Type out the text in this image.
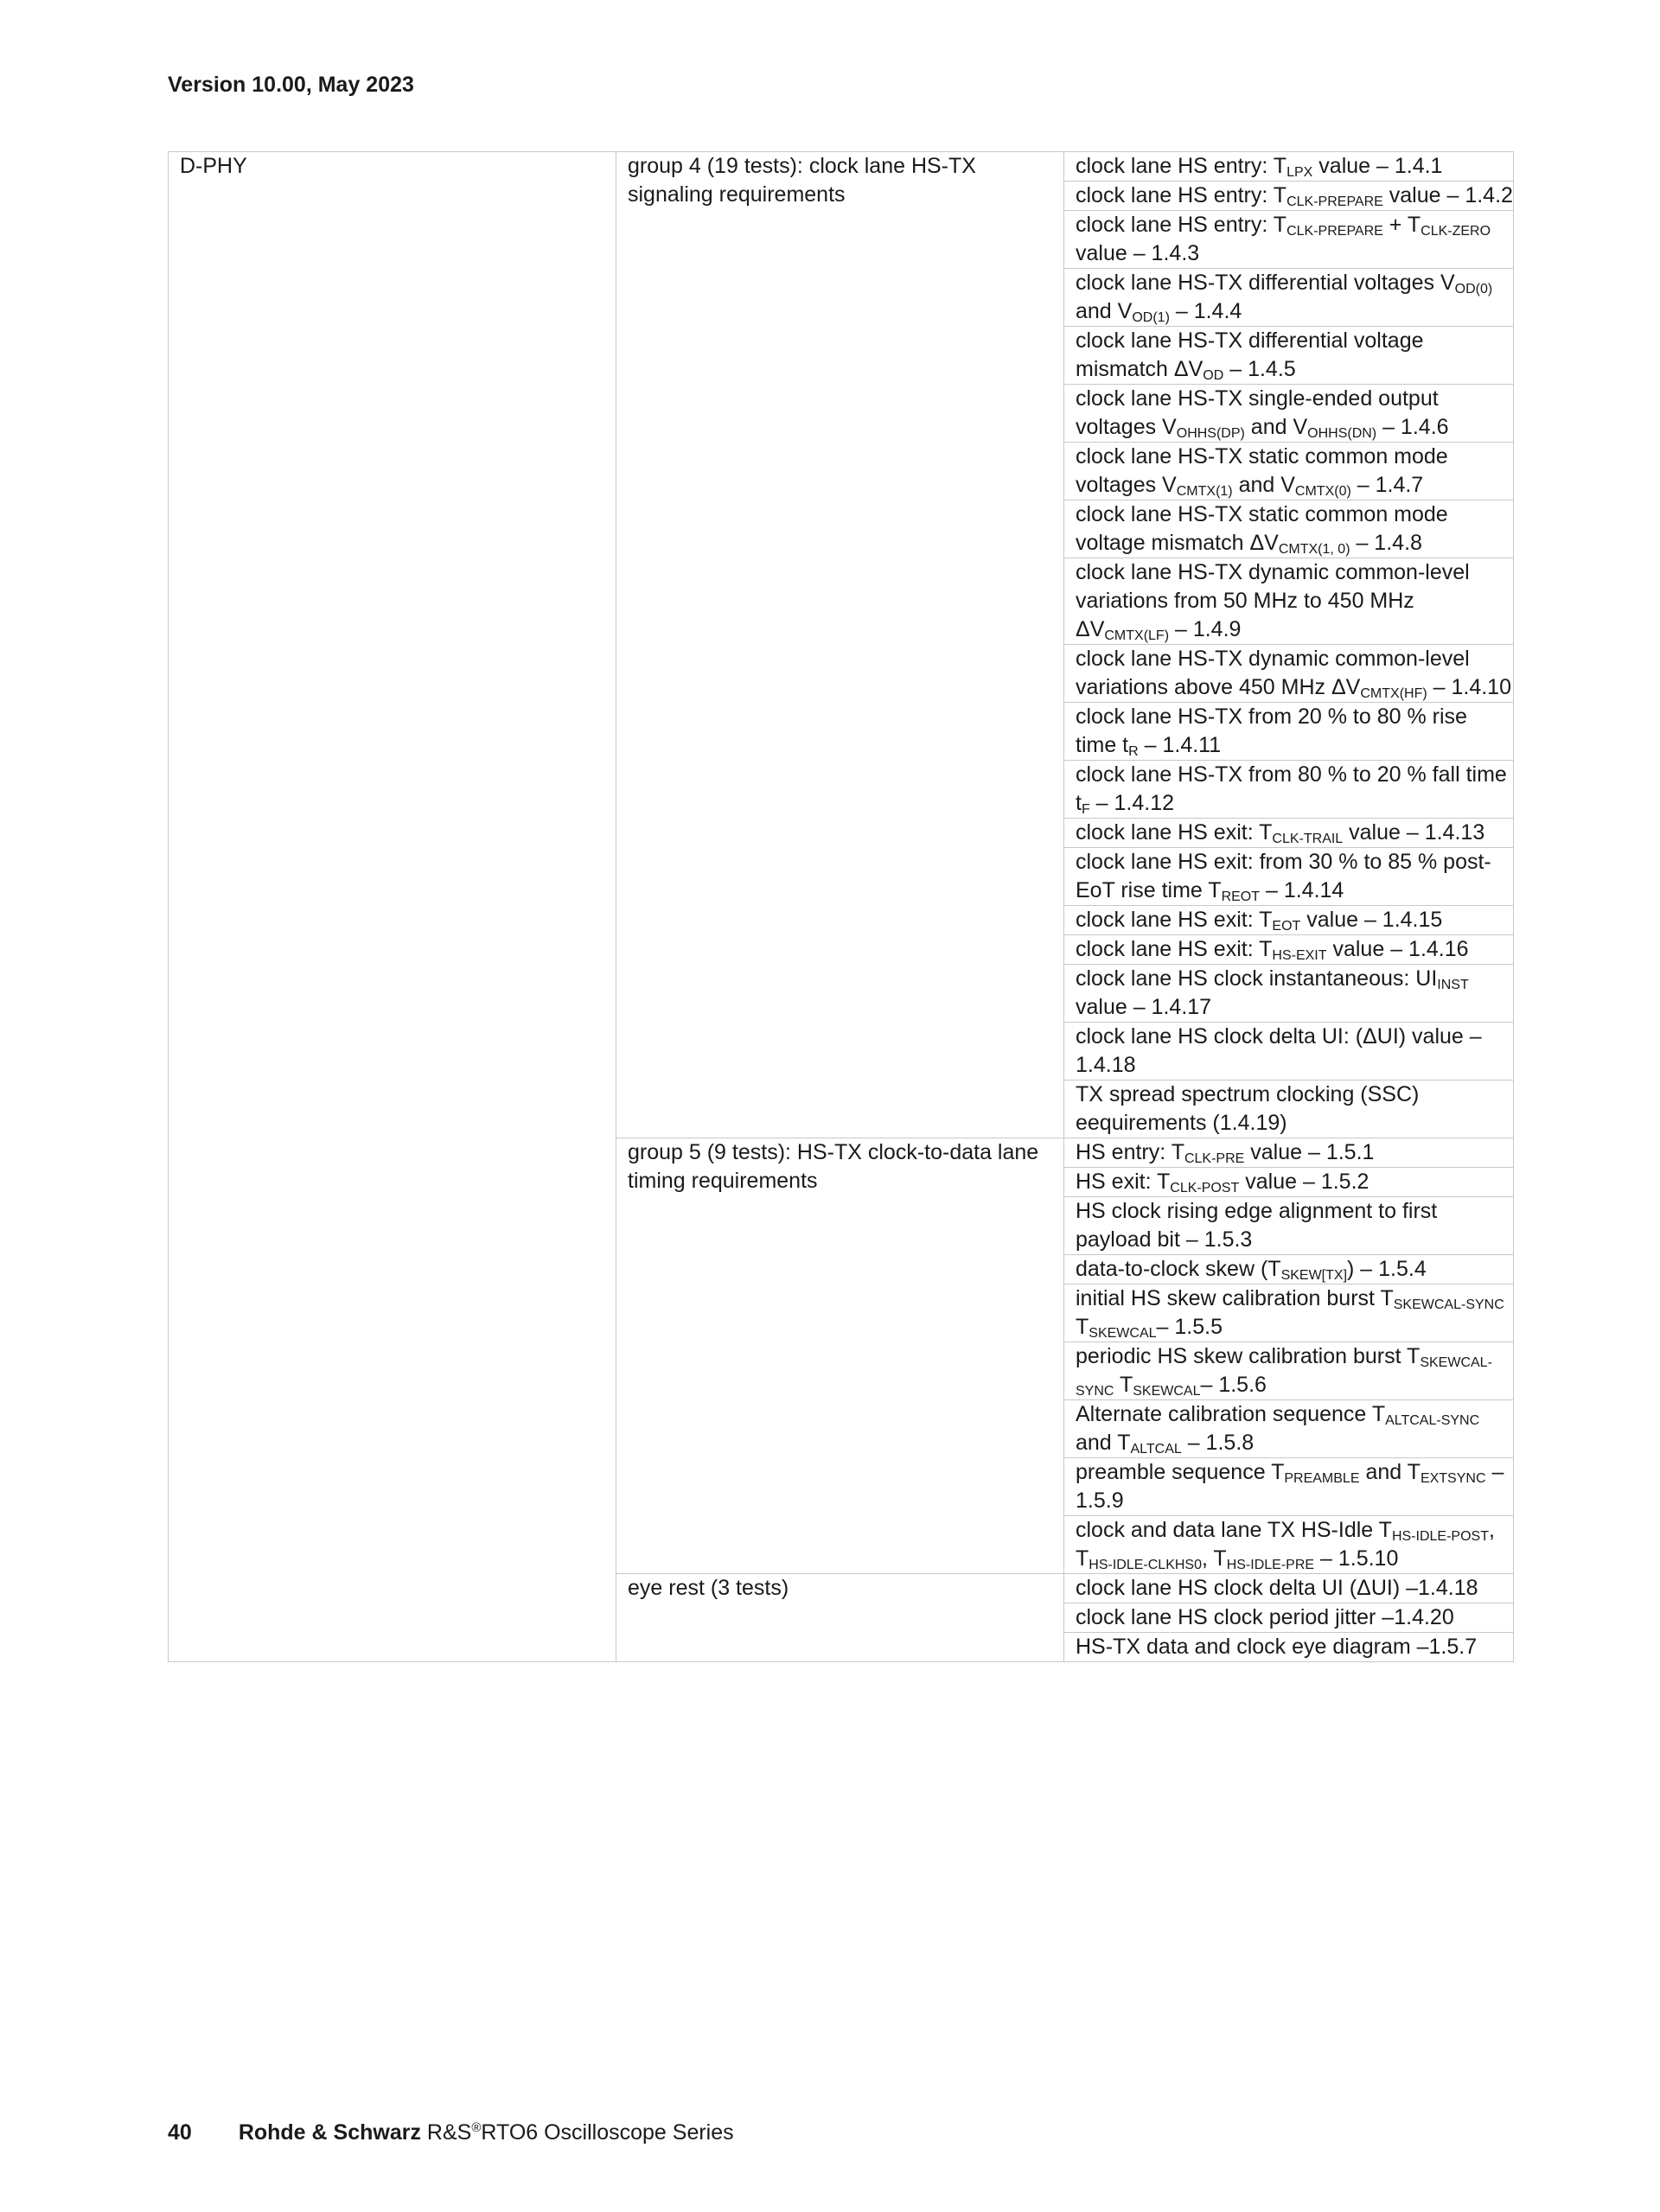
Version 10.00, May 2023
D-PHY	group 4 (19 tests): clock lane HS-TX signaling requirements	clock lane HS entry: $T_{LPX}$ value – 1.4.1
		clock lane HS entry: $T_{CLK-PREPARE}$ value – 1.4.2
		clock lane HS entry: $T_{CLK-PREPARE} + T_{CLK-ZERO}$ value – 1.4.3
		clock lane HS-TX differential voltages $V_{OD(0)}$ and $V_{OD(1)} - 1.4.4$
		clock lane HS-TX differential voltage mismatch $\Delta V_{OD} - 1.4.5$
		clock lane HS-TX single-ended output voltages $V_{OHHS(DP)}$ and $V_{OHHS(DN)} - 1.4.6$
		clock lane HS-TX static common mode voltages $V_{CMTX(1)}$ and $V_{CMTX(0)} - 1.4.7$
		clock lane HS-TX static common mode voltage mismatch $\Delta V_{CMTX(1, 0)} - 1.4.8$
		clock lane HS-TX dynamic common-level variations from 50 MHz to 450 MHz $\Delta V_{CMTX(LF)} - 1.4.9$
		clock lane HS-TX dynamic common-level variations above 450 MHz $\Delta V_{CMTX(HF)} - 1.4.10$
		clock lane HS-TX from 20 % to 80 % rise time $t_R - 1.4.11$
		clock lane HS-TX from 80 % to 20 % fall time $t_F - 1.4.12$
		clock lane HS exit: $T_{CLK-TRAIL}$ value – 1.4.13
		clock lane HS exit: from 30 % to 85 % post-EoT rise time $T_{REOT} - 1.4.14$
		clock lane HS exit: $T_{EOT}$ value – 1.4.15
		clock lane HS exit: $T_{HS-EXIT}$ value – 1.4.16
		clock lane HS clock instantaneous: $UI_{INST}$ value – 1.4.17
		clock lane HS clock delta UI: (ΔUI) value – 1.4.18
		TX spread spectrum clocking (SSC) eequirements (1.4.19)
	group 5 (9 tests): HS-TX clock-to-data lane timing requirements	HS entry: $T_{CLK-PRE}$ value – 1.5.1
		HS exit: $T_{CLK-POST}$ value – 1.5.2
		HS clock rising edge alignment to first payload bit – 1.5.3
		data-to-clock skew $(T_{SKEW[TX]}) - 1.5.4$
		initial HS skew calibration burst $T_{SKEWCAL-SYNC}$ $T_{SKEWCAL}-$ 1.5.5
		periodic HS skew calibration burst $T_{SKEWCAL-SYNC}$ $T_{SKEWCAL}-$ 1.5.6
		Alternate calibration sequence $T_{ALTCAL-SYNC}$ and $T_{ALTCAL} - 1.5.8$
		preamble sequence $T_{PREAMBLE}$ and $T_{EXTSYNC} - 1.5.9$
		clock and data lane TX HS-Idle $T_{HS-IDLE-POST}$, $T_{HS-IDLE-CLKHS0}$, $T_{HS-IDLE-PRE} - 1.5.10$
	eye rest (3 tests)	clock lane HS clock delta UI (ΔUI) –1.4.18
		clock lane HS clock period jitter –1.4.20
		HS-TX data and clock eye diagram –1.5.7
40 Rohde & Schwarz R&S®RTO6 Oscilloscope Series
